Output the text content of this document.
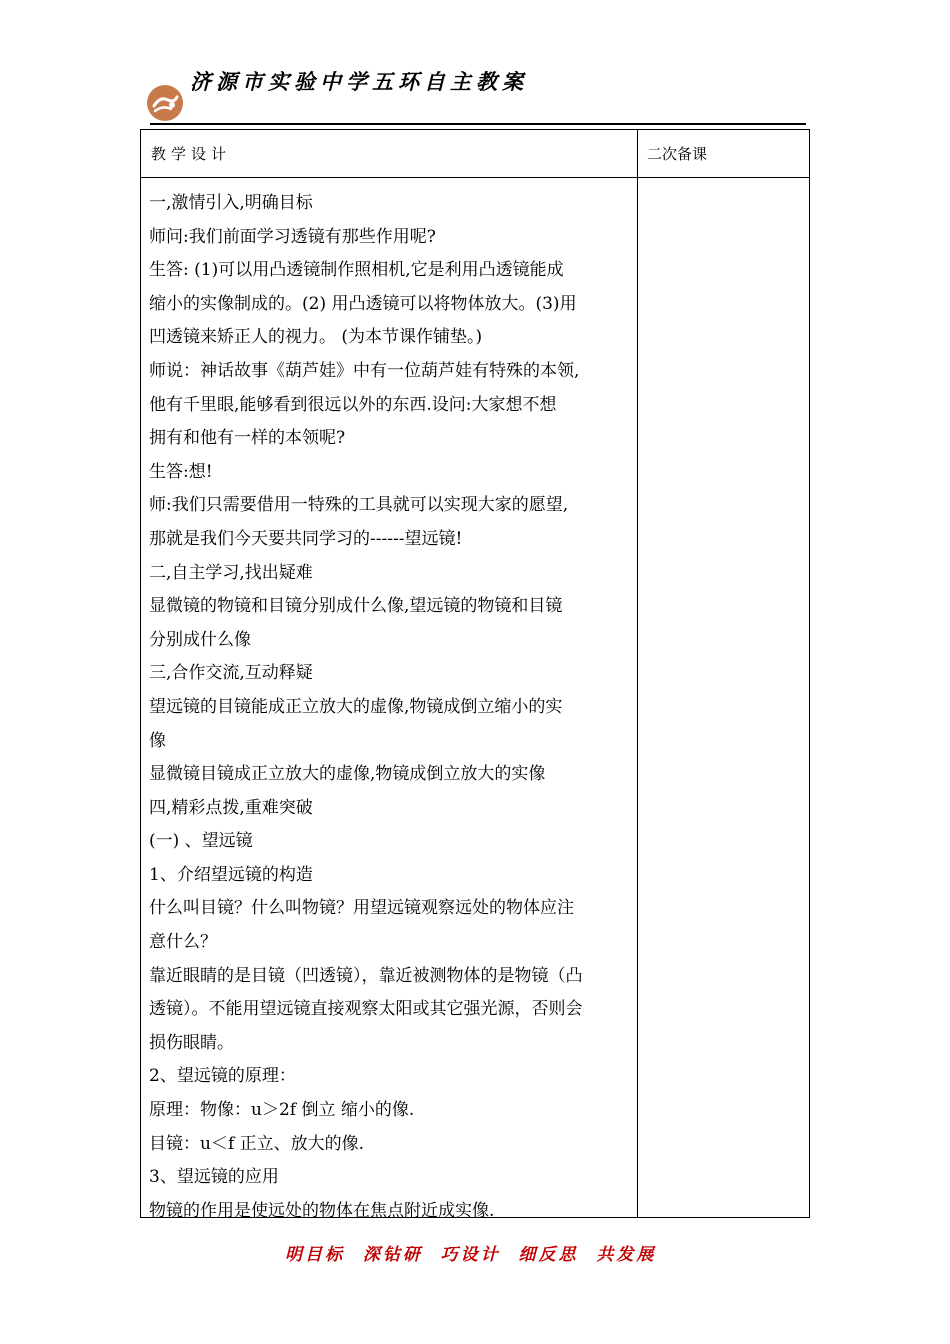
济源市实验中学五环自主教案
教学设计	二次备课
一,激情引入,明确目标
师问:我们前面学习透镜有那些作用呢?
生答: (1)可以用凸透镜制作照相机,它是利用凸透镜能成
缩小的实像制成的。(2) 用凸透镜可以将物体放大。(3)用
凹透镜来矫正人的视力。 (为本节课作铺垫。)
师说：神话故事《葫芦娃》中有一位葫芦娃有特殊的本领,
他有千里眼,能够看到很远以外的东西.设问:大家想不想
拥有和他有一样的本领呢?
生答:想!
师:我们只需要借用一特殊的工具就可以实现大家的愿望,
那就是我们今天要共同学习的------望远镜!
二,自主学习,找出疑难
显微镜的物镜和目镜分别成什么像,望远镜的物镜和目镜
分别成什么像
三,合作交流,互动释疑
望远镜的目镜能成正立放大的虚像,物镜成倒立缩小的实
像
显微镜目镜成正立放大的虚像,物镜成倒立放大的实像
四,精彩点拨,重难突破
(一) 、望远镜
1、介绍望远镜的构造
什么叫目镜？什么叫物镜？用望远镜观察远处的物体应注
意什么？
靠近眼睛的是目镜（凹透镜），靠近被测物体的是物镜（凸
透镜）。不能用望远镜直接观察太阳或其它强光源，否则会
损伤眼睛。
2、望远镜的原理：
原理：物像：u＞2f 倒立 缩小的像.
目镜：u＜f 正立、放大的像.
3、望远镜的应用
物镜的作用是使远处的物体在焦点附近成实像.
明目标  深钻研  巧设计  细反思  共发展
